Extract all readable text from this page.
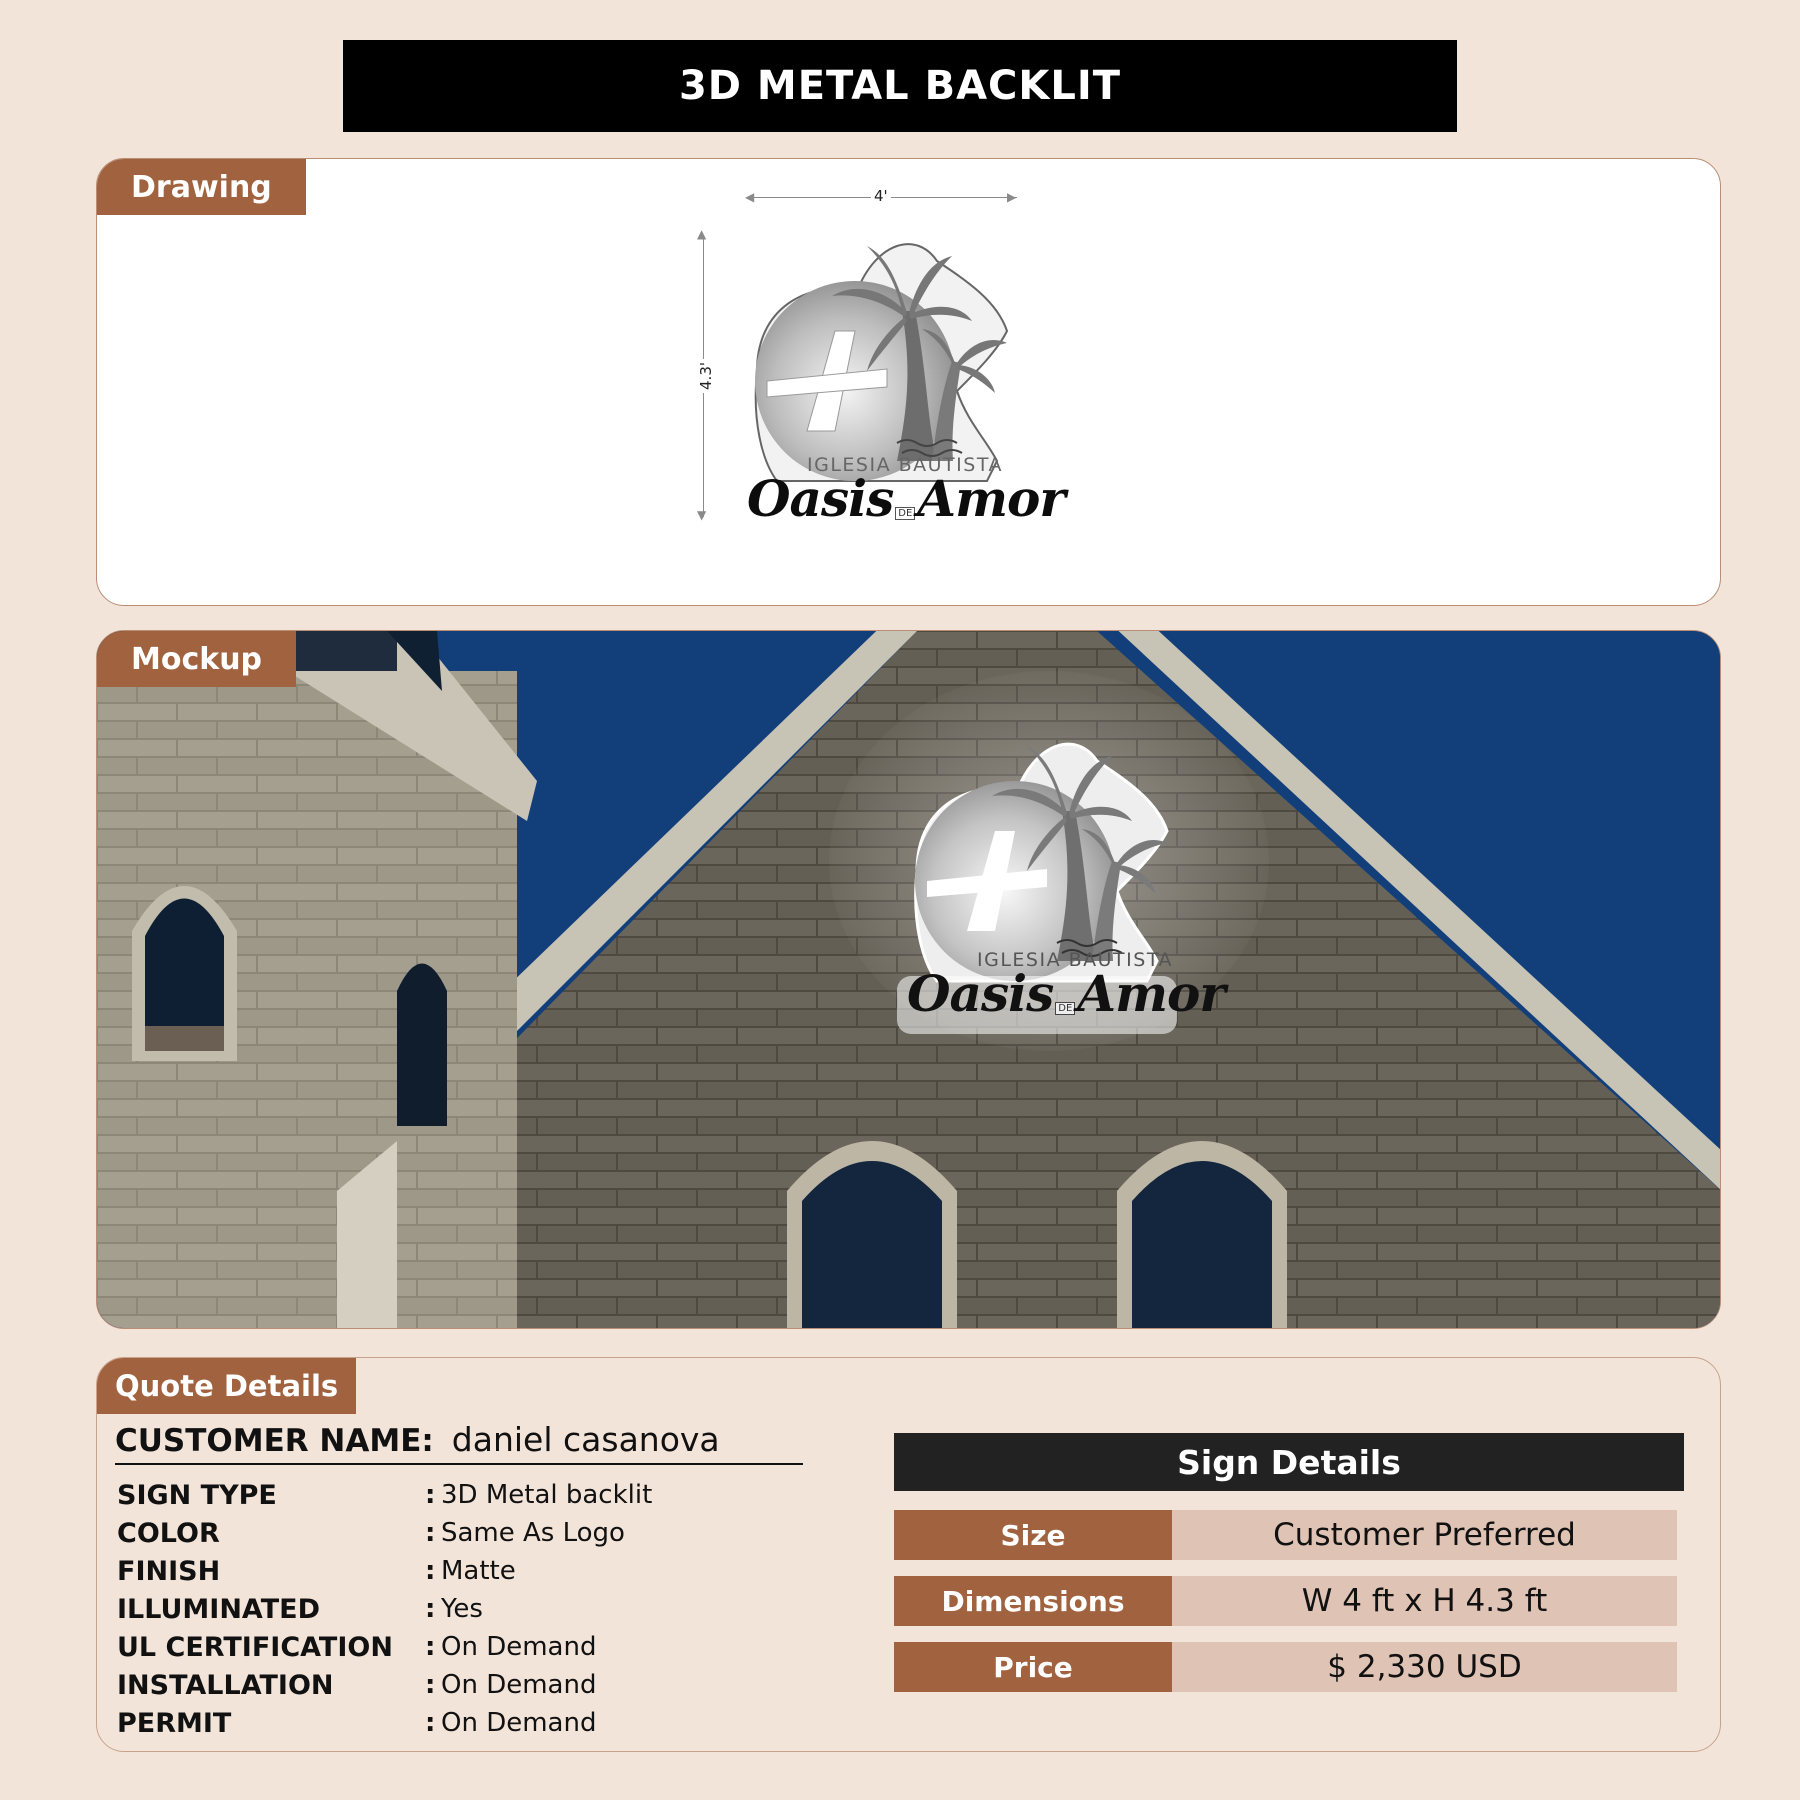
3D METAL BACKLIT
Drawing	◀	▶
4'
▲
▼
4.3'
IGLESIA BAUTISTA
Oasis DE Amor
Mockup
IGLESIA BAUTISTA
Oasis DE Amor
Quote Details
CUSTOMER NAME: daniel casanova
SIGN TYPE	: 3D Metal backlit
COLOR	: Same As Logo
FINISH	: Matte
ILLUMINATED	: Yes
UL CERTIFICATION	: On Demand
INSTALLATION	: On Demand
PERMIT	: On Demand
Sign Details
Size	Customer Preferred
Dimensions	W 4 ft x H 4.3 ft
Price	$ 2,330 USD
